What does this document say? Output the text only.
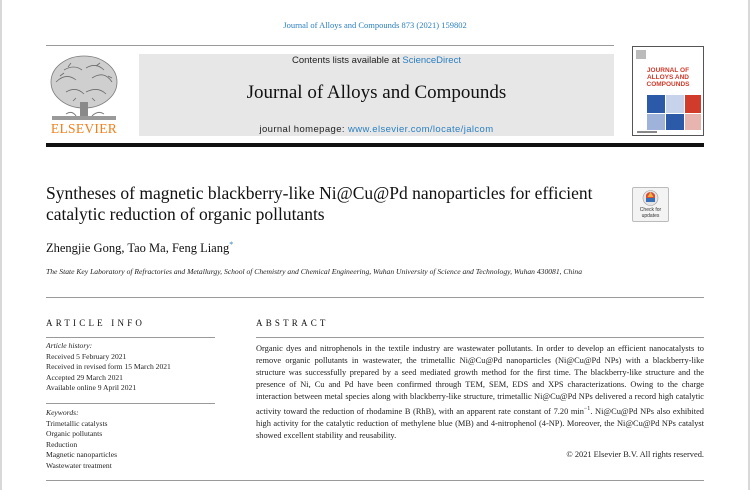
Journal of Alloys and Compounds 873 (2021) 159802
ELSEVIER
Contents lists available at ScienceDirect
Journal of Alloys and Compounds
journal homepage: www.elsevier.com/locate/jalcom
JOURNAL OF ALLOYS AND COMPOUNDS
Syntheses of magnetic blackberry-like Ni@Cu@Pd nanoparticles for efficient catalytic reduction of organic pollutants	Check for updates
Zhengjie Gong, Tao Ma, Feng Liang*
The State Key Laboratory of Refractories and Metallurgy, School of Chemistry and Chemical Engineering, Wuhan University of Science and Technology, Wuhan 430081, China
ARTICLE INFO	ABSTRACT
Article history:
Received 5 February 2021
Received in revised form 15 March 2021
Accepted 29 March 2021
Available online 9 April 2021
Keywords:
Trimetallic catalysts
Organic pollutants
Reduction
Magnetic nanoparticles
Wastewater treatment
Organic dyes and nitrophenols in the textile industry are wastewater pollutants. In order to develop an efficient nanocatalysts to remove organic pollutants in wastewater, the trimetallic Ni@Cu@Pd nanoparticles (Ni@Cu@Pd NPs) with a blackberry-like structure was successfully prepared by a seed mediated growth method for the first time. The blackberry-like structure and the presence of Ni, Cu and Pd have been confirmed through TEM, SEM, EDS and XPS characterizations. Owing to the charge interaction between metal species along with blackberry-like structure, trimetallic Ni@Cu@Pd NPs delivered a record high catalytic activity toward the reduction of rhodamine B (RhB), with an apparent rate constant of 7.20 $\min^{-1}$. Ni@Cu@Pd NPs also exhibited high activity for the catalytic reduction of methylene blue (MB) and 4-nitrophenol (4-NP). Moreover, the Ni@Cu@Pd NPs catalyst showed excellent stability and reusability.
© 2021 Elsevier B.V. All rights reserved.
